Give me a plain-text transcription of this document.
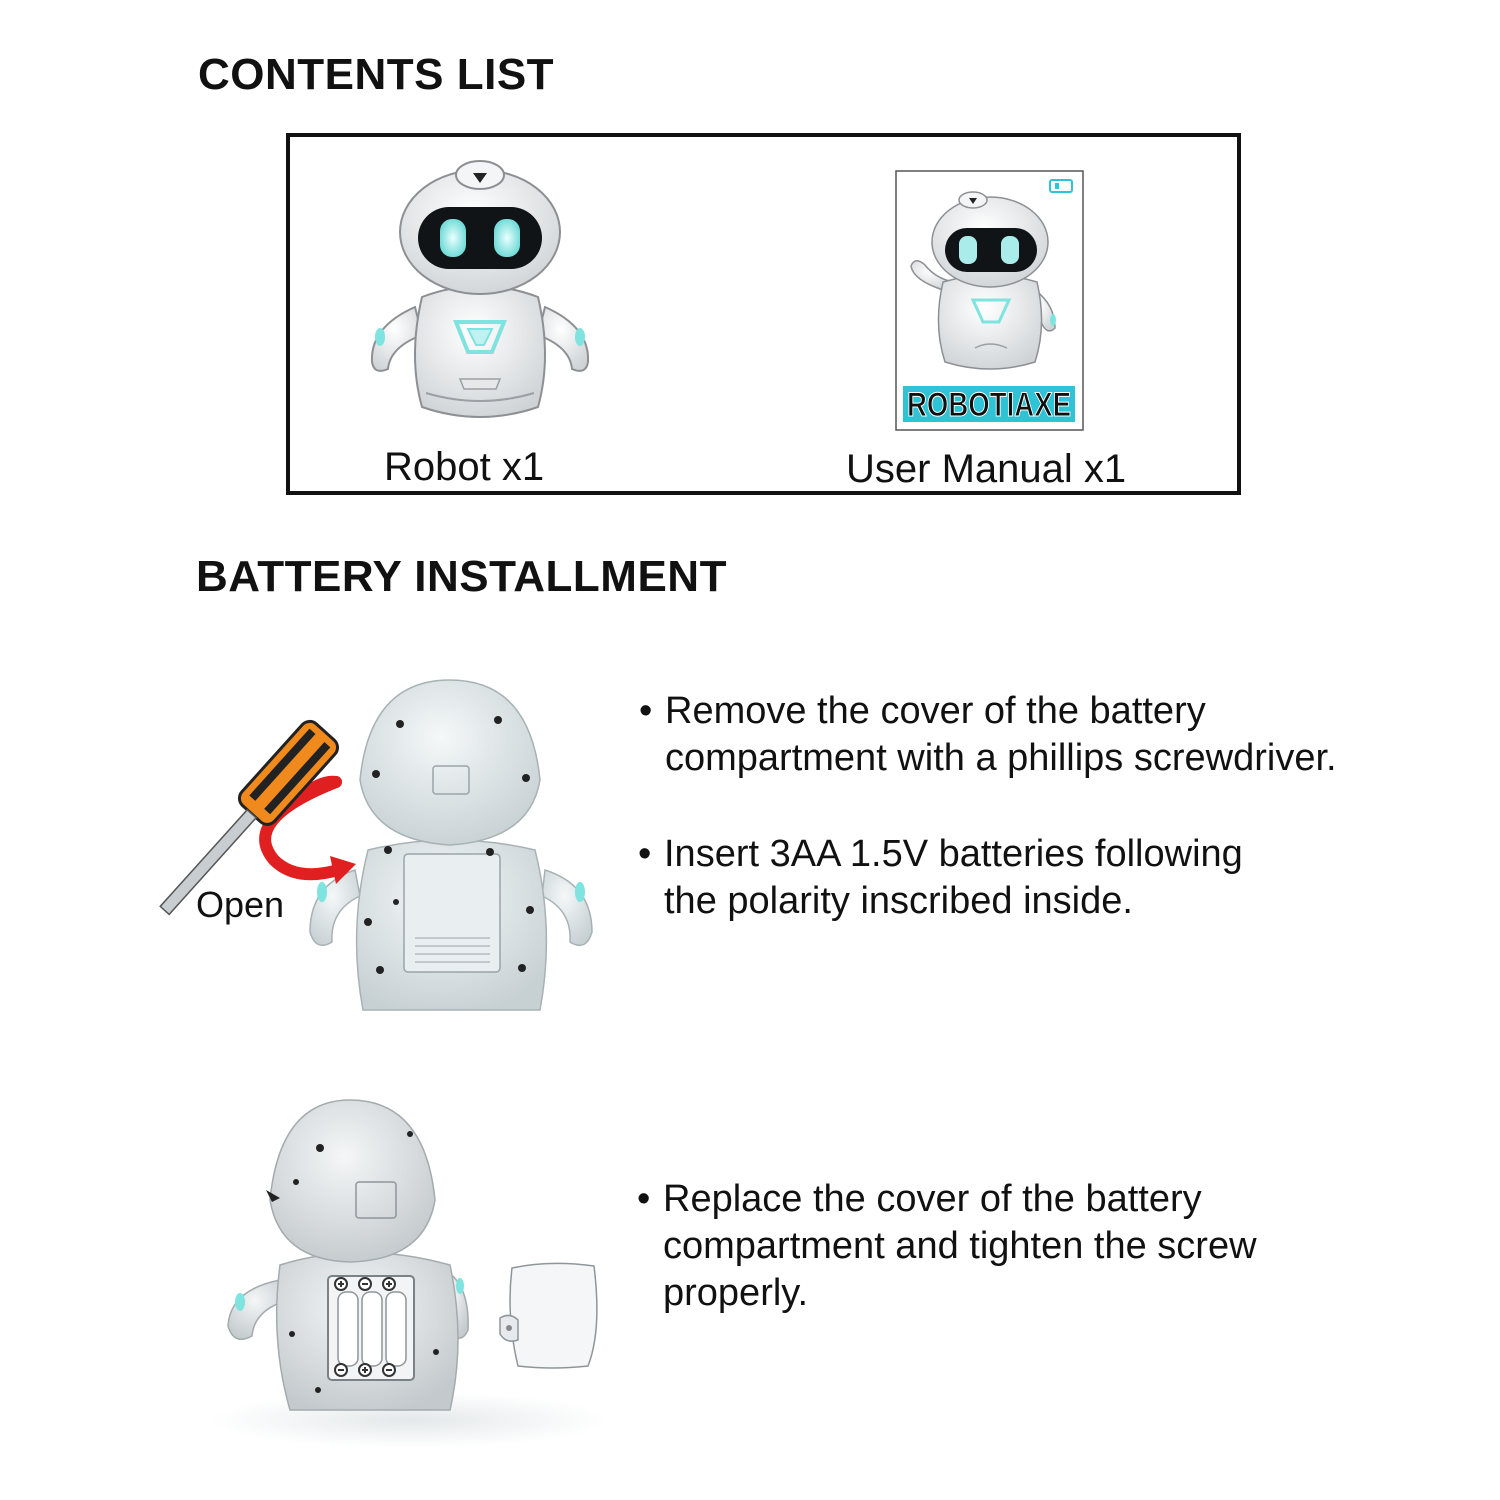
CONTENTS LIST
Robot x1
ROBOTIAXE
User Manual x1
BATTERY INSTALLMENT
Open
• Remove the cover of the battery
compartment with a phillips screwdriver.
• Insert 3AA 1.5V batteries following
the polarity inscribed inside.
• Replace the cover of the battery
compartment and tighten the screw
properly.
